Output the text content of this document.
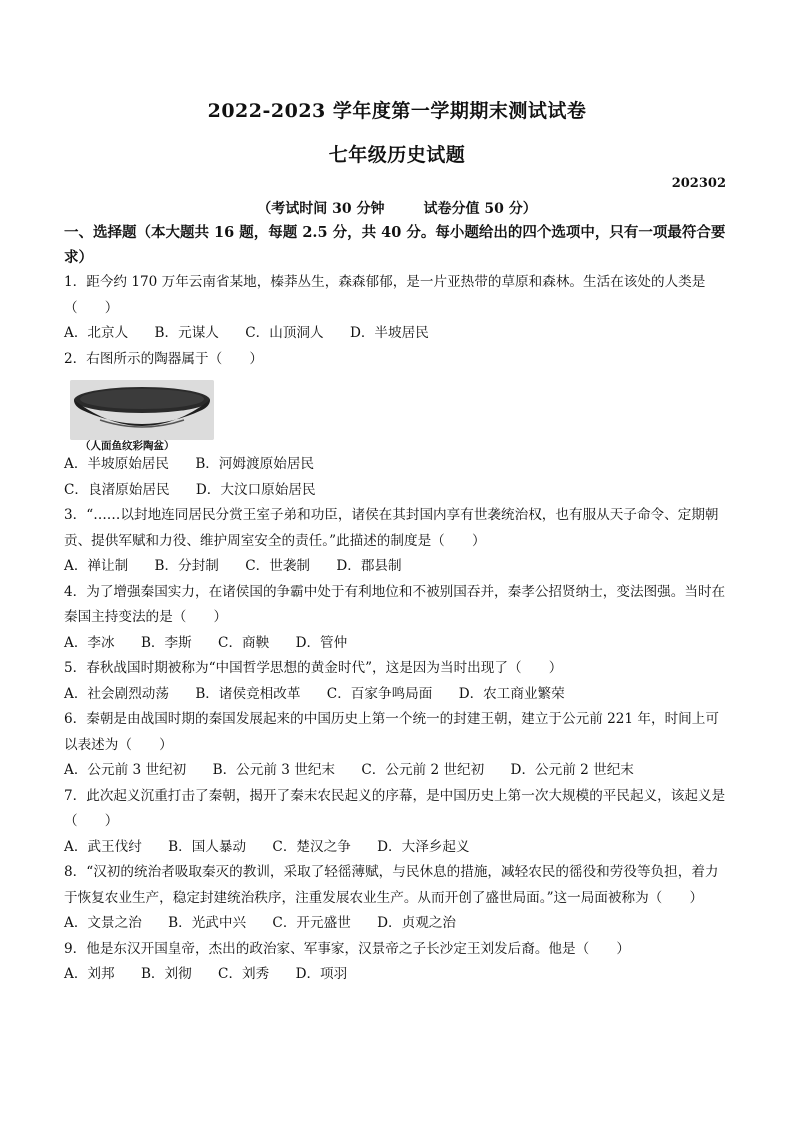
2022-2023 学年度第一学期期末测试试卷
七年级历史试题
202302
（考试时间 30 分钟        试卷分值 50 分）

一、选择题（本大题共 16 题，每题 2.5 分，共 40 分。每小题给出的四个选项中，只有一项最符合要求）

1．距今约 170 万年云南省某地，榛莽丛生，森森郁郁，是一片亚热带的草原和森林。生活在该处的人类是（　　）

A．北京人 B．元谋人 C．山顶洞人 D．半坡居民

2．右图所示的陶器属于（　　）

（人面鱼纹彩陶盆）

A．半坡原始居民 B．河姆渡原始居民

C．良渚原始居民 D．大汶口原始居民

3．“……以封地连同居民分赏王室子弟和功臣，诸侯在其封国内享有世袭统治权，也有服从天子命令、定期朝贡、提供军赋和力役、维护周室安全的责任。”此描述的制度是（　　）

A．禅让制 B．分封制 C．世袭制 D．郡县制

4．为了增强秦国实力，在诸侯国的争霸中处于有利地位和不被别国吞并，秦孝公招贤纳士，变法图强。当时在秦国主持变法的是（　　）

A．李冰 B．李斯 C．商鞅 D．管仲

5．春秋战国时期被称为“中国哲学思想的黄金时代”，这是因为当时出现了（　　）

A．社会剧烈动荡 B．诸侯竞相改革 C．百家争鸣局面 D．农工商业繁荣

6．秦朝是由战国时期的秦国发展起来的中国历史上第一个统一的封建王朝，建立于公元前 221 年，时间上可以表述为（　　）

A．公元前 3 世纪初 B．公元前 3 世纪末 C．公元前 2 世纪初 D．公元前 2 世纪末

7．此次起义沉重打击了秦朝，揭开了秦末农民起义的序幕，是中国历史上第一次大规模的平民起义，该起义是（　　）

A．武王伐纣 B．国人暴动 C．楚汉之争 D．大泽乡起义

8．“汉初的统治者吸取秦灭的教训，采取了轻徭薄赋，与民休息的措施，减轻农民的徭役和劳役等负担，着力于恢复农业生产，稳定封建统治秩序，注重发展农业生产。从而开创了盛世局面。”这一局面被称为（　　）

A．文景之治 B．光武中兴 C．开元盛世 D．贞观之治

9．他是东汉开国皇帝，杰出的政治家、军事家，汉景帝之子长沙定王刘发后裔。他是（　　）

A．刘邦 B．刘彻 C．刘秀 D．项羽
